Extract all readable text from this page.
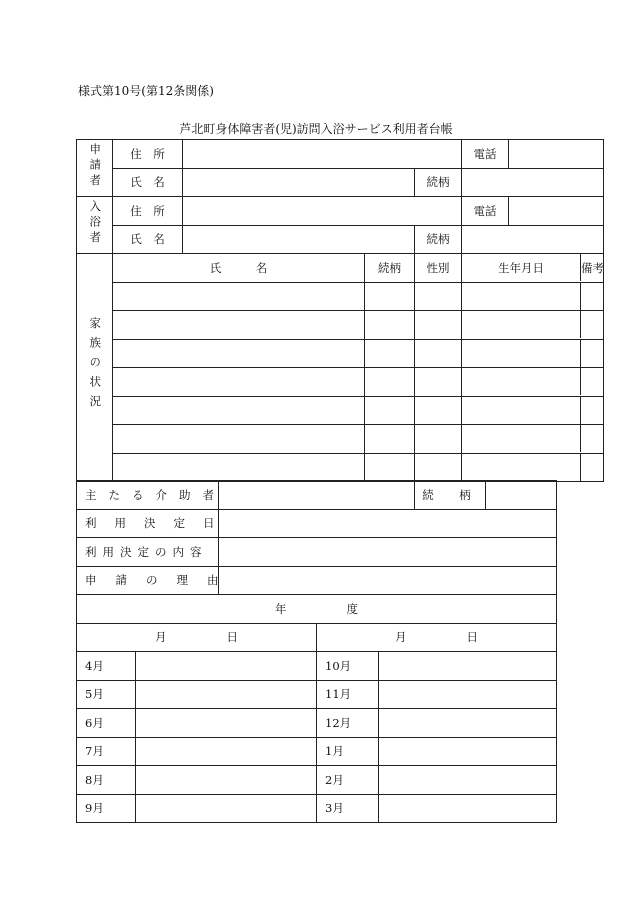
様式第10号(第12条関係)
芦北町身体障害者(児)訪問入浴サービス利用者台帳
申請者	住　所		電話	
氏　名		続柄	
入浴者	住　所		電話	
氏　名		続柄	
家族の状況	氏　　　名	続柄	性別		生年月日	備考

主たる介助者		続　柄	
利用決定日			
利用決定の内容			
申請の理由			
年 度			
月 日		月 日	
4月		10月	
5月		11月	
6月		12月	
7月		1月	
8月		2月	
9月		3月	
